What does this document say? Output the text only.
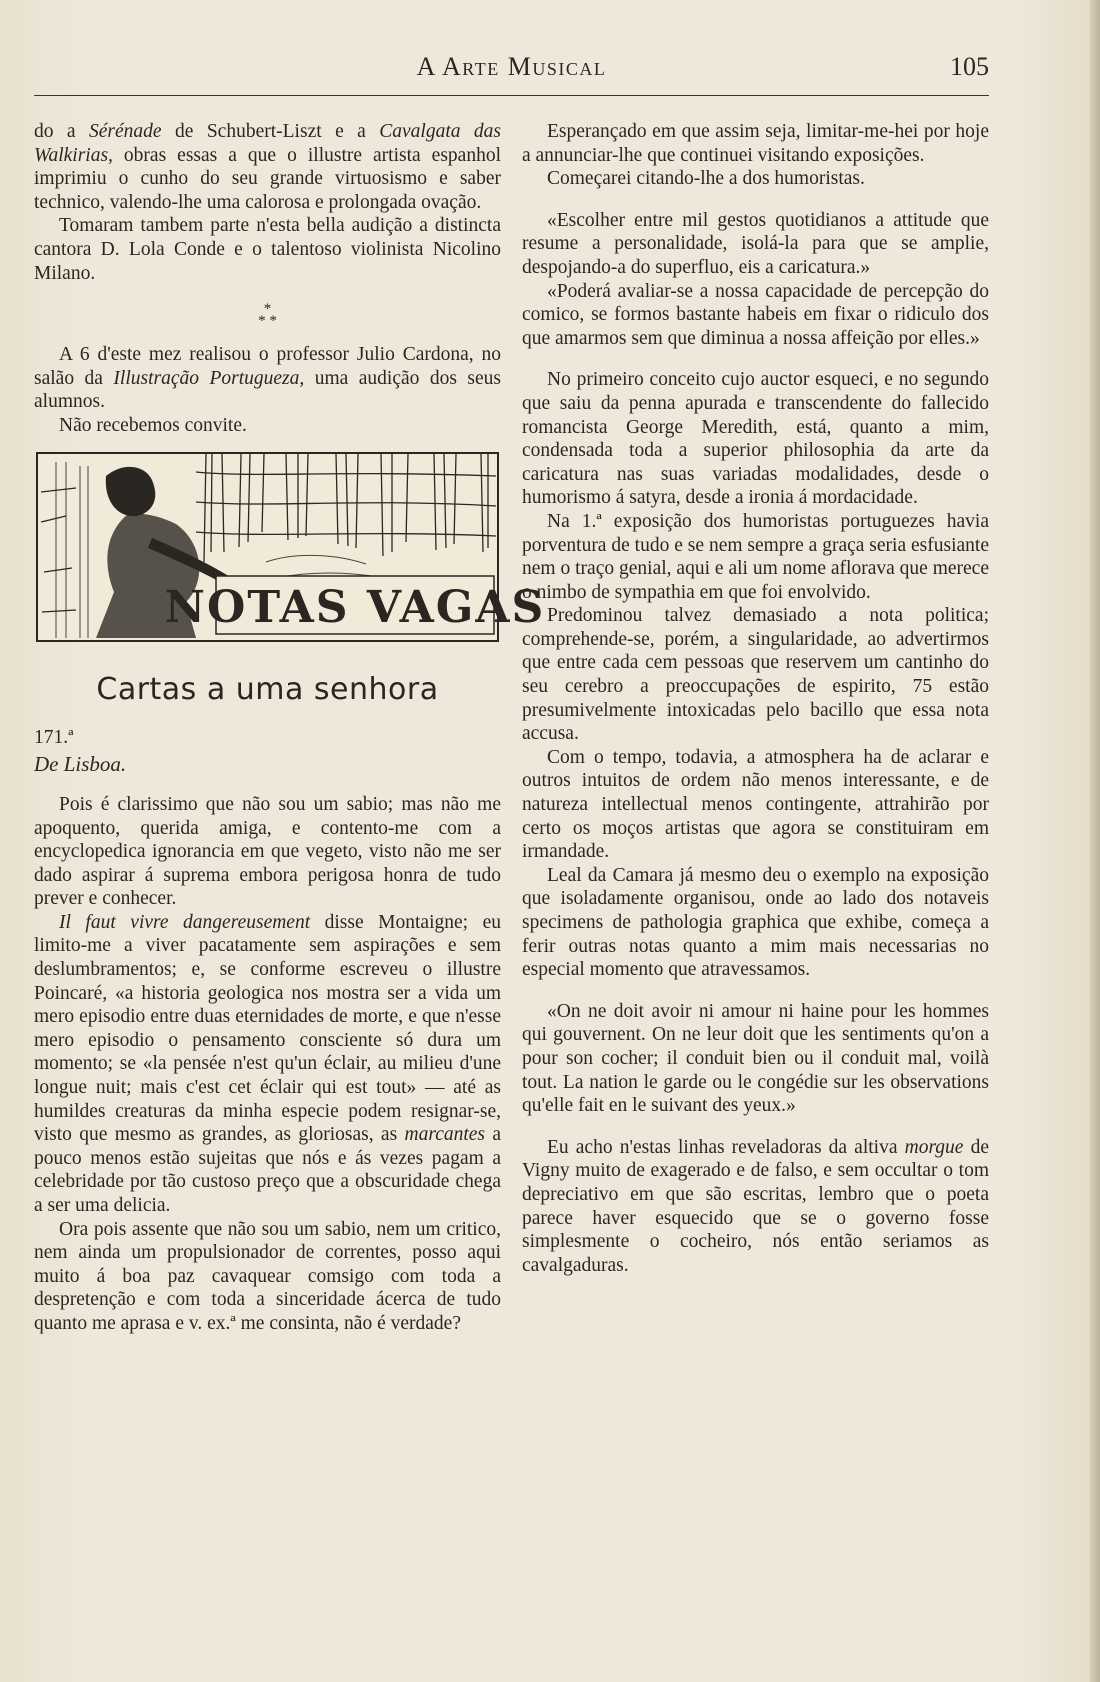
A Arte Musical	105

do a Sérénade de Schubert-Liszt e a Cavalgata das Walkirias, obras essas a que o illustre artista espanhol imprimiu o cunho do seu grande virtuosismo e saber technico, valendo-lhe uma calorosa e prolongada ovação.

Tomaram tambem parte n'esta bella audição a distincta cantora D. Lola Conde e o talentoso violinista Nicolino Milano.

*
* *

A 6 d'este mez realisou o professor Julio Cardona, no salão da Illustração Portugueza, uma audição dos seus alumnos.

Não recebemos convite.

NOTAS VAGAS
Cartas a uma senhora

171.ª

De Lisboa.

Pois é clarissimo que não sou um sabio; mas não me apoquento, querida amiga, e contento-me com a encyclopedica ignorancia em que vegeto, visto não me ser dado aspirar á suprema embora perigosa honra de tudo prever e conhecer.

Il faut vivre dangereusement disse Montaigne; eu limito-me a viver pacatamente sem aspirações e sem deslumbramentos; e, se conforme escreveu o illustre Poincaré, «a historia geologica nos mostra ser a vida um mero episodio entre duas eternidades de morte, e que n'esse mero episodio o pensamento consciente só dura um momento; se «la pensée n'est qu'un éclair, au milieu d'une longue nuit; mais c'est cet éclair qui est tout» — até as humildes creaturas da minha especie podem resignar-se, visto que mesmo as grandes, as gloriosas, as marcantes a pouco menos estão sujeitas que nós e ás vezes pagam a celebridade por tão custoso preço que a obscuridade chega a ser uma delicia.

Ora pois assente que não sou um sabio, nem um critico, nem ainda um propulsionador de correntes, posso aqui muito á boa paz cavaquear comsigo com toda a despretenção e com toda a sinceridade ácerca de tudo quanto me aprasa e v. ex.ª me consinta, não é verdade?

Esperançado em que assim seja, limitar-me-hei por hoje a annunciar-lhe que continuei visitando exposições.

Começarei citando-lhe a dos humoristas.

«Escolher entre mil gestos quotidianos a attitude que resume a personalidade, isolá-la para que se amplie, despojando-a do superfluo, eis a caricatura.»

«Poderá avaliar-se a nossa capacidade de percepção do comico, se formos bastante habeis em fixar o ridiculo dos que amarmos sem que diminua a nossa affeição por elles.»

No primeiro conceito cujo auctor esqueci, e no segundo que saiu da penna apurada e transcendente do fallecido romancista George Meredith, está, quanto a mim, condensada toda a superior philosophia da arte da caricatura nas suas variadas modalidades, desde o humorismo á satyra, desde a ironia á mordacidade.

Na 1.ª exposição dos humoristas portuguezes havia porventura de tudo e se nem sempre a graça seria esfusiante nem o traço genial, aqui e ali um nome aflorava que merece o nimbo de sympathia em que foi envolvido.

Predominou talvez demasiado a nota politica; comprehende-se, porém, a singularidade, ao advertirmos que entre cada cem pessoas que reservem um cantinho do seu cerebro a preoccupações de espirito, 75 estão presumivelmente intoxicadas pelo bacillo que essa nota accusa.

Com o tempo, todavia, a atmosphera ha de aclarar e outros intuitos de ordem não menos interessante, e de natureza intellectual menos contingente, attrahirão por certo os moços artistas que agora se constituiram em irmandade.

Leal da Camara já mesmo deu o exemplo na exposição que isoladamente organisou, onde ao lado dos notaveis specimens de pathologia graphica que exhibe, começa a ferir outras notas quanto a mim mais necessarias no especial momento que atravessamos.

«On ne doit avoir ni amour ni haine pour les hommes qui gouvernent. On ne leur doit que les sentiments qu'on a pour son cocher; il conduit bien ou il conduit mal, voilà tout. La nation le garde ou le congédie sur les observations qu'elle fait en le suivant des yeux.»

Eu acho n'estas linhas reveladoras da altiva morgue de Vigny muito de exagerado e de falso, e sem occultar o tom depreciativo em que são escritas, lembro que o poeta parece haver esquecido que se o governo fosse simplesmente o cocheiro, nós então seriamos as cavalgaduras.
